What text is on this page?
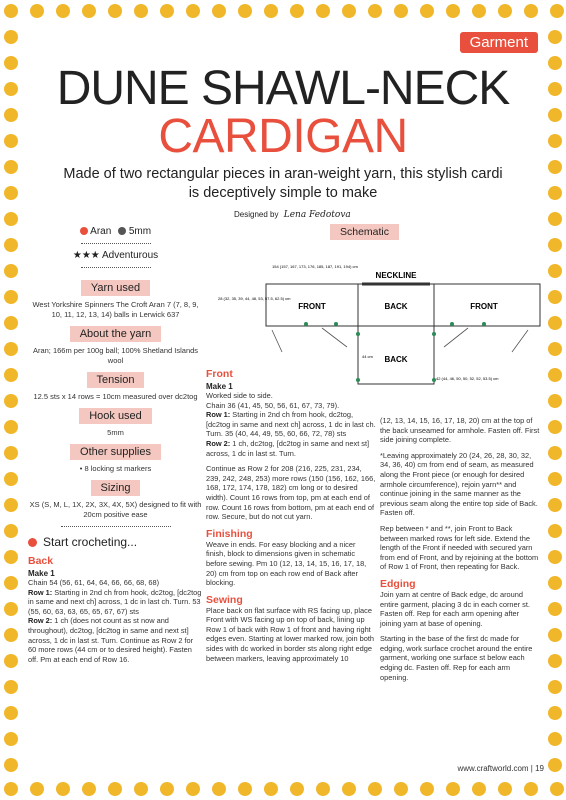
Garment
DUNE SHAWL-NECK
CARDIGAN
Made of two rectangular pieces in aran-weight yarn, this stylish cardi is deceptively simple to make
Designed by Lena Fedotova
Aran 5mm
★★★ Adventurous
Yarn used
West Yorkshire Spinners The Croft Aran 7 (7, 8, 9, 10, 11, 12, 13, 14) balls in Lerwick 637
About the yarn
Aran; 166m per 100g ball; 100% Shetland Islands wool
Tension
12.5 sts x 14 rows = 10cm measured over dc2tog
Hook used
5mm
Other supplies
• 8 locking st markers
Sizing
XS (S, M, L, 1X, 2X, 3X, 4X, 5X) designed to fit with 20cm positive ease
Start crocheting...
Back
Make 1
Chain 54 (56, 61, 64, 64, 66, 66, 68, 68)
Row 1: Starting in 2nd ch from hook, dc2tog, [dc2tog in same and next ch] across, 1 dc in last ch. Turn. 53 (55, 60, 63, 63, 65, 65, 67, 67) sts
Row 2: 1 ch (does not count as st now and throughout), dc2tog, [dc2tog in same and next st] across, 1 dc in last st. Turn. Continue as Row 2 for 60 more rows (44 cm or to desired height). Fasten off. Pm at each end of Row 16.
Schematic
NECKLINE
FRONT	BACK	FRONT
BACK
154 (157, 167, 173, 176, 185, 187, 191, 194) cm
28 (32, 35, 39, 44, 48, 53, 57.5, 62.5) cm
44 cm
42 (44, 46, 50, 50, 52, 52, 53.5) cm
Front
Make 1
Worked side to side.
Chain 36 (41, 45, 50, 56, 61, 67, 73, 79).
Row 1: Starting in 2nd ch from hook, dc2tog, [dc2tog in same and next ch] across, 1 dc in last ch. Turn. 35 (40, 44, 49, 55, 60, 66, 72, 78) sts
Row 2: 1 ch, dc2tog, [dc2tog in same and next st] across, 1 dc in last st. Turn.
Continue as Row 2 for 208 (216, 225, 231, 234, 239, 242, 248, 253) more rows (150 (156, 162, 166, 168, 172, 174, 178, 182) cm long or to desired width). Count 16 rows from top, pm at each end of row. Count 16 rows from bottom, pm at each end of row. Secure, but do not cut yarn.
Finishing
Weave in ends. For easy blocking and a nicer finish, block to dimensions given in schematic before sewing. Pm 10 (12, 13, 14, 15, 16, 17, 18, 20) cm from top on each row end of Back after blocking.
Sewing
Place back on flat surface with RS facing up, place Front with WS facing up on top of back, lining up Row 1 of back with Row 1 of front and having right edges even. Starting at lower marked row, join both sides with dc worked in border sts along right edge between markers, leaving approximately 10
(12, 13, 14, 15, 16, 17, 18, 20) cm at the top of the back unseamed for armhole. Fasten off. First side joining complete.
*Leaving approximately 20 (24, 26, 28, 30, 32, 34, 36, 40) cm from end of seam, as measured along the Front piece (or enough for desired armhole circumference), rejoin yarn** and continue joining in the same manner as the previous seam along the entire top side of Back. Fasten off.
Rep between * and **, join Front to Back between marked rows for left side. Extend the length of the Front if needed with secured yarn from end of Front, and by rejoining at the bottom of Row 1 of Front, then repeating for Back.
Edging
Join yarn at centre of Back edge, dc around entire garment, placing 3 dc in each corner st. Fasten off. Rep for each arm opening after joining yarn at base of opening.
Starting in the base of the first dc made for edging, work surface crochet around the entire garment, working one surface st below each edging dc. Fasten off. Rep for each arm opening.
www.craftworld.com | 19
